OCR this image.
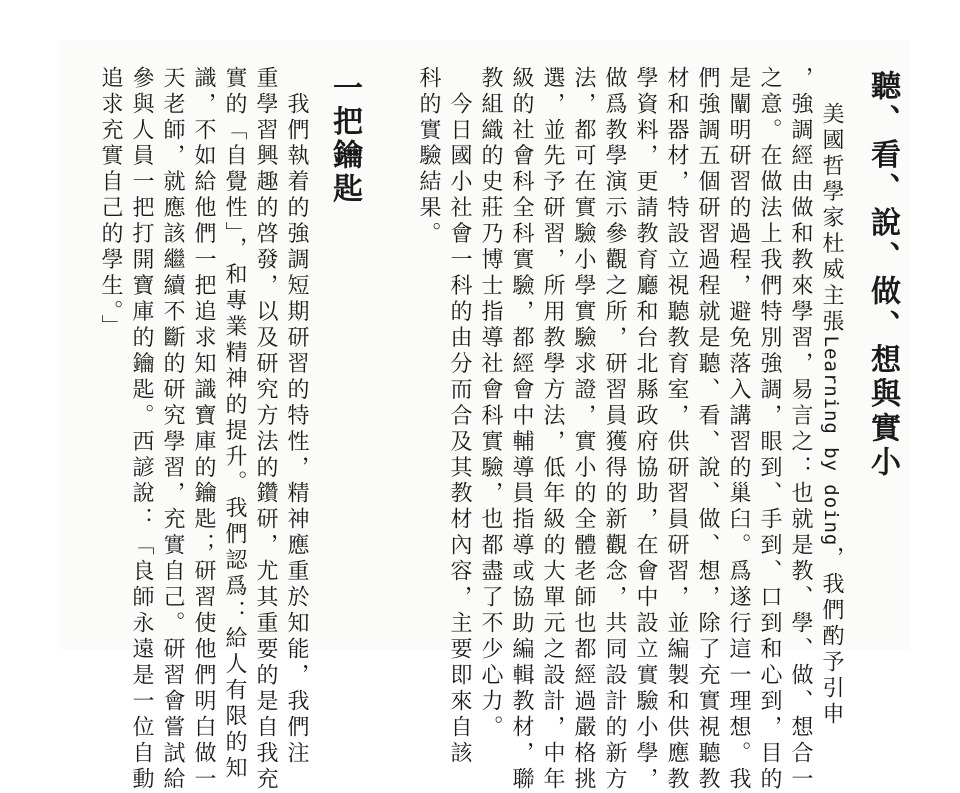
聽、看、說、做、想與實小
美國哲學家杜威主張Learning by doing，我們酌予引申
，強調經由做和教來學習，易言之：也就是教、學、做、想合一
之意。在做法上我們特別強調，眼到、手到、口到和心到，目的
是闡明研習的過程，避免落入講習的巢臼。爲遂行這一理想。我
們強調五個研習過程就是聽、看、說、做、想，除了充實視聽教
材和器材，特設立視聽教育室，供研習員研習，並編製和供應教
學資料，更請教育廳和台北縣政府協助，在會中設立實驗小學，
做爲教學演示參觀之所，研習員獲得的新觀念，共同設計的新方
法，都可在實驗小學實驗求證，實小的全體老師也都經過嚴格挑
選，並先予研習，所用教學方法，低年級的大單元之設計，中年
級的社會科全科實驗，都經會中輔導員指導或協助編輯教材，聯
教組織的史莊乃博士指導社會科實驗，也都盡了不少心力。
　今日國小社會一科的由分而合及其教材內容，主要即來自該
科的實驗結果。
一把鑰匙
　我們執着的強調短期研習的特性，精神應重於知能，我們注
重學習興趣的啓發，以及研究方法的鑽研，尤其重要的是自我充
實的「自覺性」，和專業精神的提升。我們認爲：給人有限的知
識，不如給他們一把追求知識寶庫的鑰匙；研習使他們明白做一
天老師，就應該繼續不斷的研究學習，充實自己。研習會嘗試給
參與人員一把打開寶庫的鑰匙。西諺說：「良師永遠是一位自動
追求充實自己的學生。」
